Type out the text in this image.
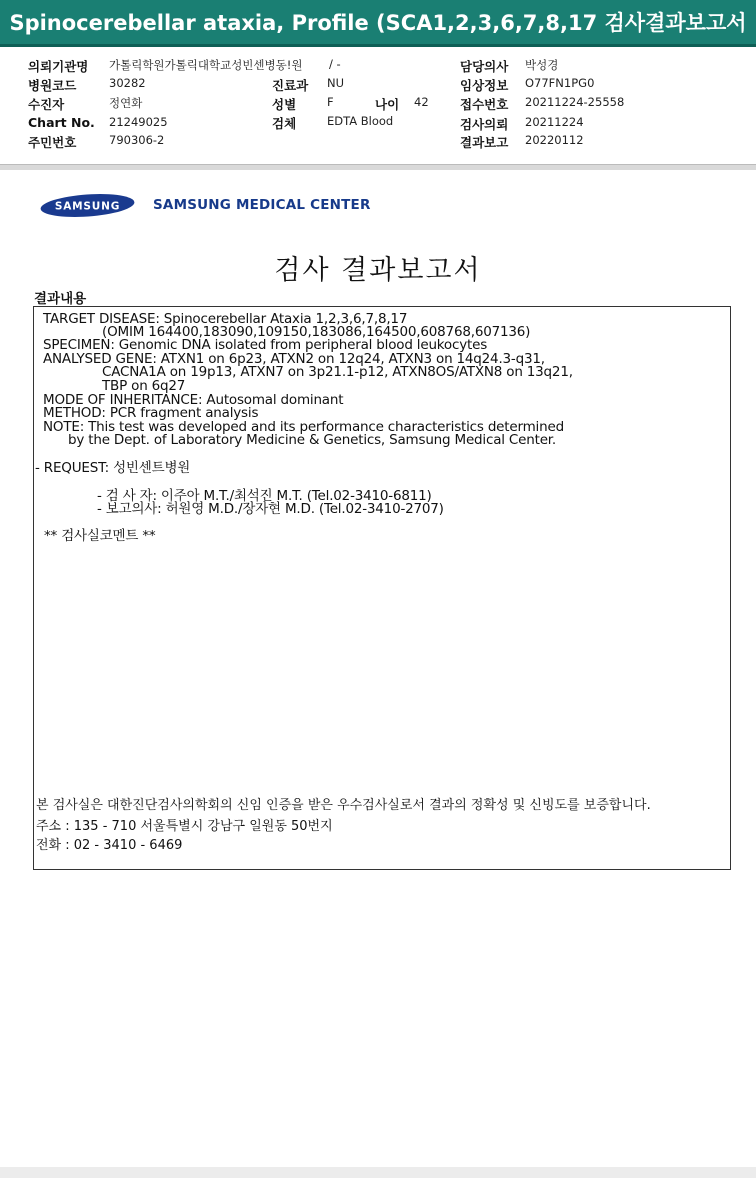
Spinocerebellar ataxia, Profile (SCA1,2,3,6,7,8,17 검사결과보고서
의뢰기관명 가톨릭학원가톨릭대학교성빈센병동!원 / -	담당의사 박성경
병원코드	30282	진료과 NU	임상정보 O77FN1PG0
수진자	정연화	성별	F	나이 42	접수번호 20211224-25558
Chart No. 21249025	검체	EDTA Blood	검사의뢰 20211224
주민번호	790306-2	결과보고 20220112
SAMSUNG SAMSUNG MEDICAL CENTER
검사 결과보고서
결과내용
TARGET DISEASE: Spinocerebellar Ataxia 1,2,3,6,7,8,17
(OMIM 164400,183090,109150,183086,164500,608768,607136)
SPECIMEN: Genomic DNA isolated from peripheral blood leukocytes
ANALYSED GENE: ATXN1 on 6p23, ATXN2 on 12q24, ATXN3 on 14q24.3-q31,
CACNA1A on 19p13, ATXN7 on 3p21.1-p12, ATXN8OS/ATXN8 on 13q21,
TBP on 6q27
MODE OF INHERITANCE: Autosomal dominant
METHOD: PCR fragment analysis
NOTE: This test was developed and its performance characteristics determined
by the Dept. of Laboratory Medicine & Genetics, Samsung Medical Center.
- REQUEST: 성빈센트병원
- 검 사 자: 이주아 M.T./최석진 M.T. (Tel.02-3410-6811)
- 보고의사: 허원영 M.D./장자현 M.D. (Tel.02-3410-2707)
** 검사실코멘트 **
본 검사실은 대한진단검사의학회의 신임 인증을 받은 우수검사실로서 결과의 정확성 및 신빙도를 보증합니다.
주소 : 135 - 710 서울특별시 강남구 일원동 50번지
전화 : 02 - 3410 - 6469
